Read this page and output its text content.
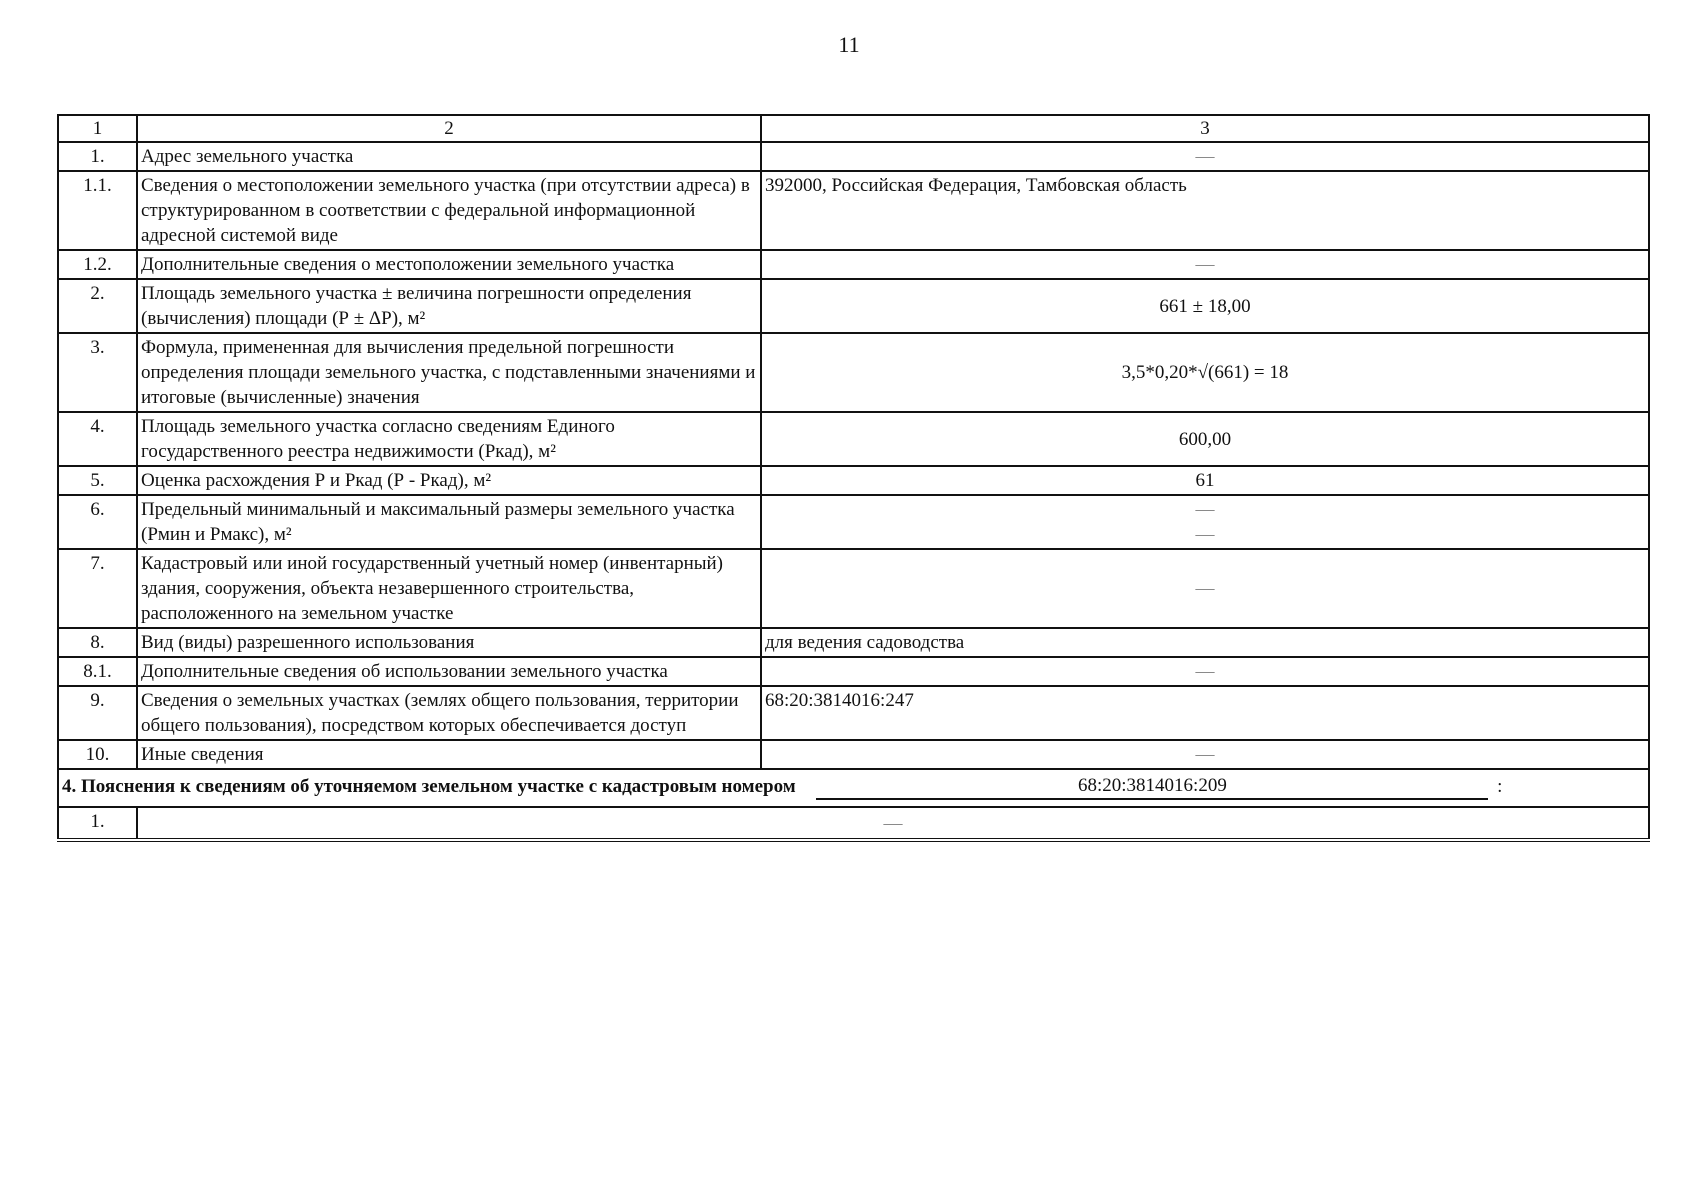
11
1	2	3
1.	Адрес земельного участка	—
1.1.	Сведения о местоположении земельного участка (при отсутствии адреса) в структурированном в соответствии с федеральной информационной адресной системой виде	392000, Российская Федерация, Тамбовская область
1.2.	Дополнительные сведения о местоположении земельного участка	—
2.	Площадь земельного участка ± величина погрешности определения (вычисления) площади (Р ± ΔР), м²	661 ± 18,00
3.	Формула, примененная для вычисления предельной погрешности определения площади земельного участка, с подставленными значениями и итоговые (вычисленные) значения	3,5*0,20*√(661) = 18
4.	Площадь земельного участка согласно сведениям Единого государственного реестра недвижимости (Ркад), м²	600,00
5.	Оценка расхождения Р и Ркад (Р - Ркад), м²	61
6.	Предельный минимальный и максимальный размеры земельного участка (Рмин и Рмакс), м²	—
—

7.	Кадастровый или иной государственный учетный номер (инвентарный) здания, сооружения, объекта незавершенного строительства, расположенного на земельном участке	—
8.	Вид (виды) разрешенного использования	для ведения садоводства
8.1.	Дополнительные сведения об использовании земельного участка	—
9.	Сведения о земельных участках (землях общего пользования, территории общего пользования), посредством которых обеспечивается доступ	68:20:3814016:247
10.	Иные сведения	—
4. Пояснения к сведениям об уточняемом земельном участке с кадастровым номером 68:20:3814016:209 :		
1.	—	
